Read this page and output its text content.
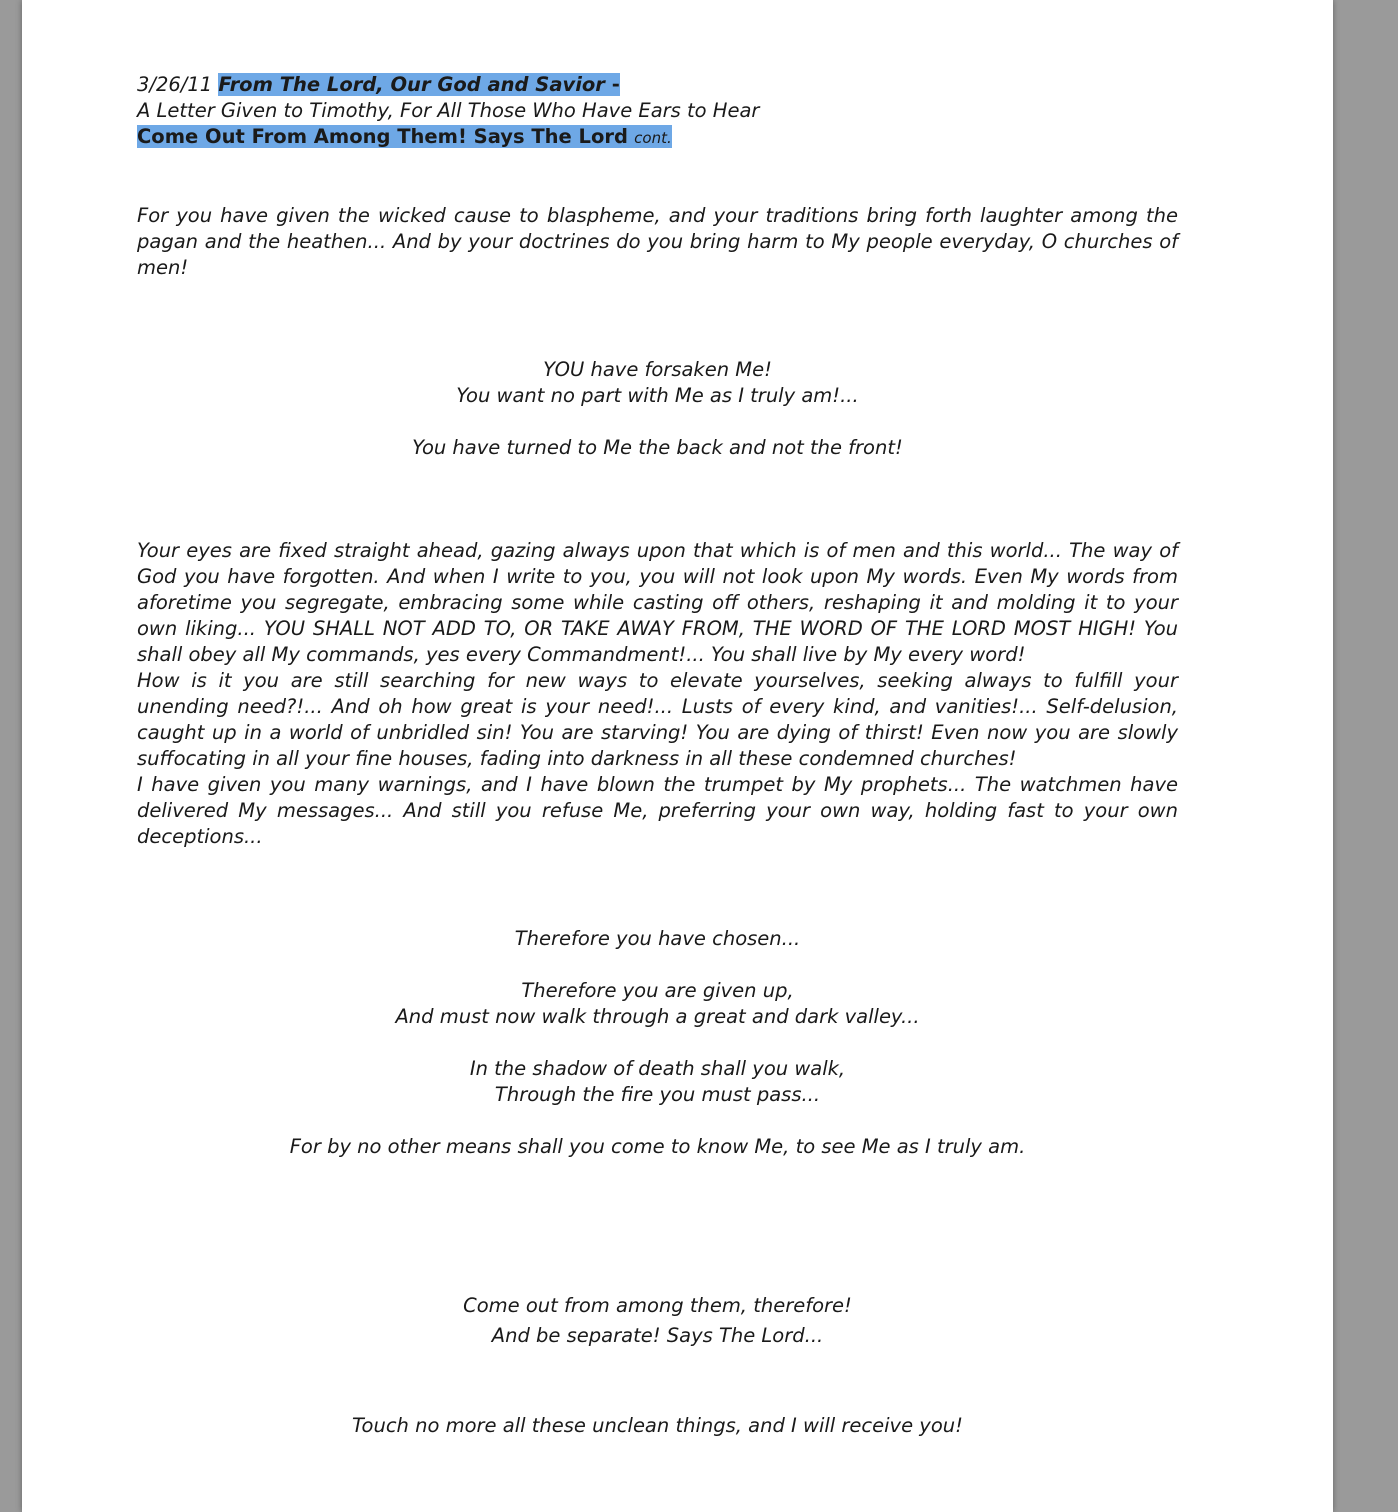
3/26/11 From The Lord, Our God and Savior -

A Letter Given to Timothy, For All Those Who Have Ears to Hear

Come Out From Among Them! Says The Lord cont.

For you have given the wicked cause to blaspheme, and your traditions bring forth laughter among the pagan and the heathen... And by your doctrines do you bring harm to My people everyday, O churches of men!

YOU have forsaken Me!

You want no part with Me as I truly am!...

You have turned to Me the back and not the front!

Your eyes are fixed straight ahead, gazing always upon that which is of men and this world... The way of God you have forgotten. And when I write to you, you will not look upon My words. Even My words from aforetime you segregate, embracing some while casting off others, reshaping it and molding it to your own liking... YOU SHALL NOT ADD TO, OR TAKE AWAY FROM, THE WORD OF THE LORD MOST HIGH! You shall obey all My commands, yes every Commandment!... You shall live by My every word!

How is it you are still searching for new ways to elevate yourselves, seeking always to fulfill your unending need?!... And oh how great is your need!... Lusts of every kind, and vanities!... Self-delusion, caught up in a world of unbridled sin! You are starving! You are dying of thirst! Even now you are slowly suffocating in all your fine houses, fading into darkness in all these condemned churches!

I have given you many warnings, and I have blown the trumpet by My prophets... The watchmen have delivered My messages... And still you refuse Me, preferring your own way, holding fast to your own deceptions...

Therefore you have chosen...

Therefore you are given up,

And must now walk through a great and dark valley...

In the shadow of death shall you walk,

Through the fire you must pass...

For by no other means shall you come to know Me, to see Me as I truly am.

Come out from among them, therefore!

And be separate! Says The Lord...

Touch no more all these unclean things, and I will receive you!
